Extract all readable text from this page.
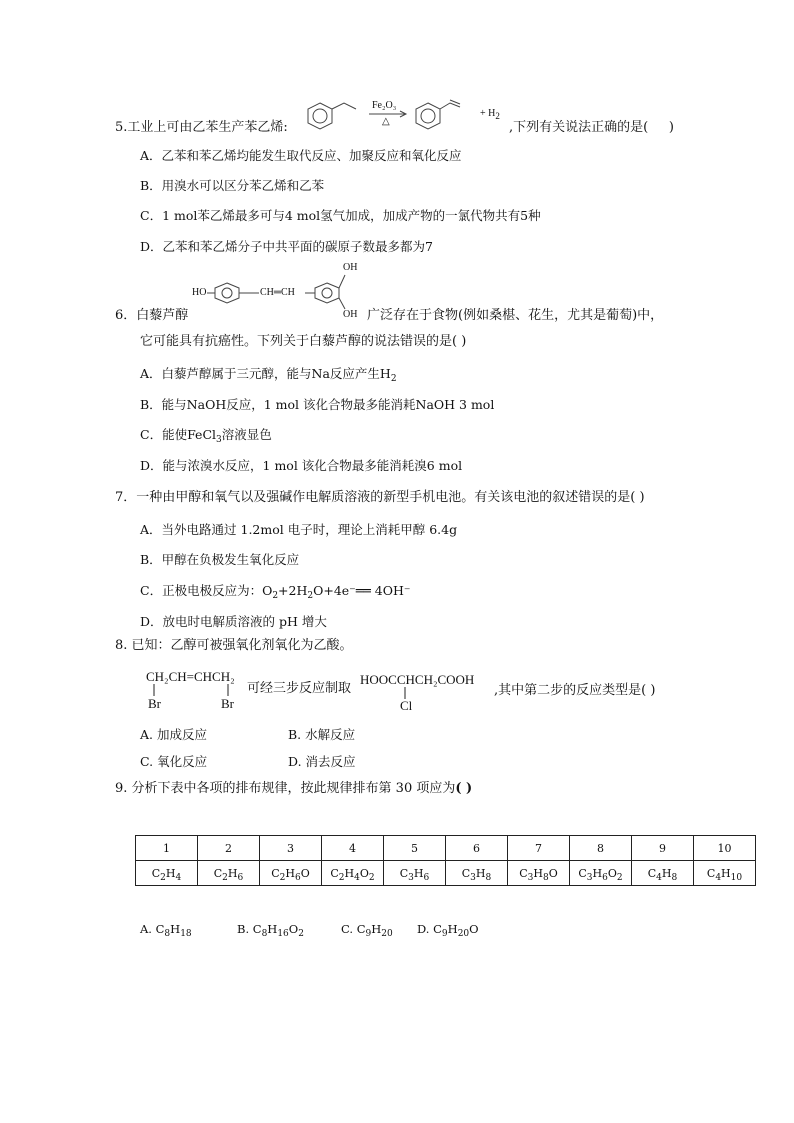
Fe₂O₃
△
+ $H_2$
5.工业上可由乙苯生产苯乙烯:	,下列有关说法正确的是( )
A．乙苯和苯乙烯均能发生取代反应、加聚反应和氧化反应
B．用溴水可以区分苯乙烯和乙苯
C．1 mol苯乙烯最多可与4 mol氢气加成，加成产物的一氯代物共有5种
D．乙苯和苯乙烯分子中共平面的碳原子数最多都为7
HO	CH═CH
OH
OH
6．白藜芦醇	广泛存在于食物(例如桑椹、花生，尤其是葡萄)中，
它可能具有抗癌性。下列关于白藜芦醇的说法错误的是( )
A．白藜芦醇属于三元醇，能与Na反应产生$H_2$
B．能与NaOH反应，1 mol 该化合物最多能消耗NaOH 3 mol
C．能使FeCl$_3$溶液显色
D．能与浓溴水反应，1 mol 该化合物最多能消耗溴6 mol
7．一种由甲醇和氧气以及强碱作电解质溶液的新型手机电池。有关该电池的叙述错误的是( )
A．当外电路通过 1.2mol 电子时，理论上消耗甲醇 6.4g
B．甲醇在负极发生氧化反应
C．正极电极反应为：$O_2+2H_2O+4e^-══$ 4OH⁻
D．放电时电解质溶液的 pH 增大
8. 已知：乙醇可被强氧化剂氧化为乙酸。
CH₂CH=CHCH₂
Br	Br
可经三步反应制取
HOOCCHCH₂COOH
Cl
,其中第二步的反应类型是( )
A. 加成反应	B. 水解反应
C. 氧化反应	D. 消去反应
9. 分析下表中各项的排布规律，按此规律排布第 30 项应为( )
1	2	3	4	5	6	7	8	9	10
$C_2H_4$	$C_2H_6$	$C_2H_6O$	$C_2H_4O_2$	$C_3H_6$	$C_3H_8$	$C_3H_8O$	$C_3H_6O_2$	$C_4H_8$	$C_4H_{10}$
A. $C_8H_{18}$	B. $C_8H_{16}O_2$	C. $C_9H_{20}$ D. $C_9H_{20}O$
